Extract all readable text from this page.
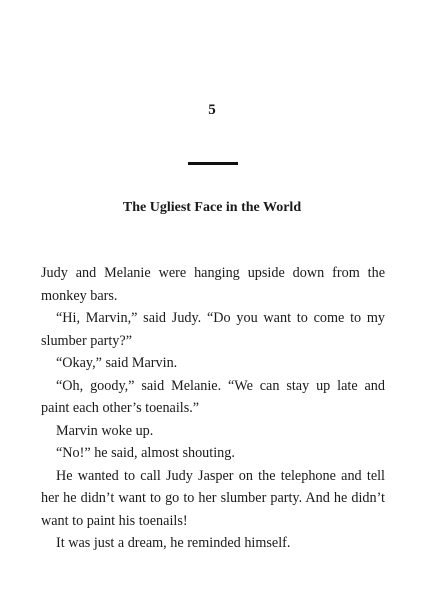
5
The Ugliest Face in the World

Judy and Melanie were hanging upside down from the monkey bars.

“Hi, Marvin,” said Judy. “Do you want to come to my slumber party?”

“Okay,” said Marvin.

“Oh, goody,” said Melanie. “We can stay up late and paint each other’s toenails.”

Marvin woke up.

“No!” he said, almost shouting.

He wanted to call Judy Jasper on the telephone and tell her he didn’t want to go to her slumber party. And he didn’t want to paint his toenails!

It was just a dream, he reminded himself.
